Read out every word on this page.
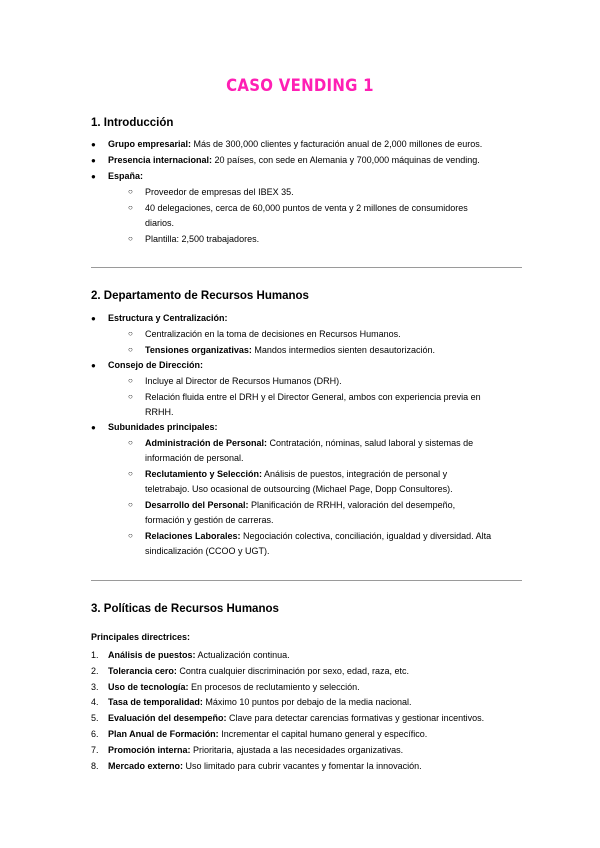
CASO VENDING 1
1. Introducción
● Grupo empresarial: Más de 300,000 clientes y facturación anual de 2,000 millones de euros.
● Presencia internacional: 20 países, con sede en Alemania y 700,000 máquinas de vending.
● España:
○ Proveedor de empresas del IBEX 35.
○ 40 delegaciones, cerca de 60,000 puntos de venta y 2 millones de consumidores
diarios.
○ Plantilla: 2,500 trabajadores.
2. Departamento de Recursos Humanos
● Estructura y Centralización:
○ Centralización en la toma de decisiones en Recursos Humanos.
○ Tensiones organizativas: Mandos intermedios sienten desautorización.
● Consejo de Dirección:
○ Incluye al Director de Recursos Humanos (DRH).
○ Relación fluida entre el DRH y el Director General, ambos con experiencia previa en
RRHH.
● Subunidades principales:
○ Administración de Personal: Contratación, nóminas, salud laboral y sistemas de
información de personal.
○ Reclutamiento y Selección: Análisis de puestos, integración de personal y
teletrabajo. Uso ocasional de outsourcing (Michael Page, Dopp Consultores).
○ Desarrollo del Personal: Planificación de RRHH, valoración del desempeño,
formación y gestión de carreras.
○ Relaciones Laborales: Negociación colectiva, conciliación, igualdad y diversidad. Alta
sindicalización (CCOO y UGT).
3. Políticas de Recursos Humanos
Principales directrices:
1. Análisis de puestos: Actualización continua.
2. Tolerancia cero: Contra cualquier discriminación por sexo, edad, raza, etc.
3. Uso de tecnología: En procesos de reclutamiento y selección.
4. Tasa de temporalidad: Máximo 10 puntos por debajo de la media nacional.
5. Evaluación del desempeño: Clave para detectar carencias formativas y gestionar incentivos.
6. Plan Anual de Formación: Incrementar el capital humano general y específico.
7. Promoción interna: Prioritaria, ajustada a las necesidades organizativas.
8. Mercado externo: Uso limitado para cubrir vacantes y fomentar la innovación.
